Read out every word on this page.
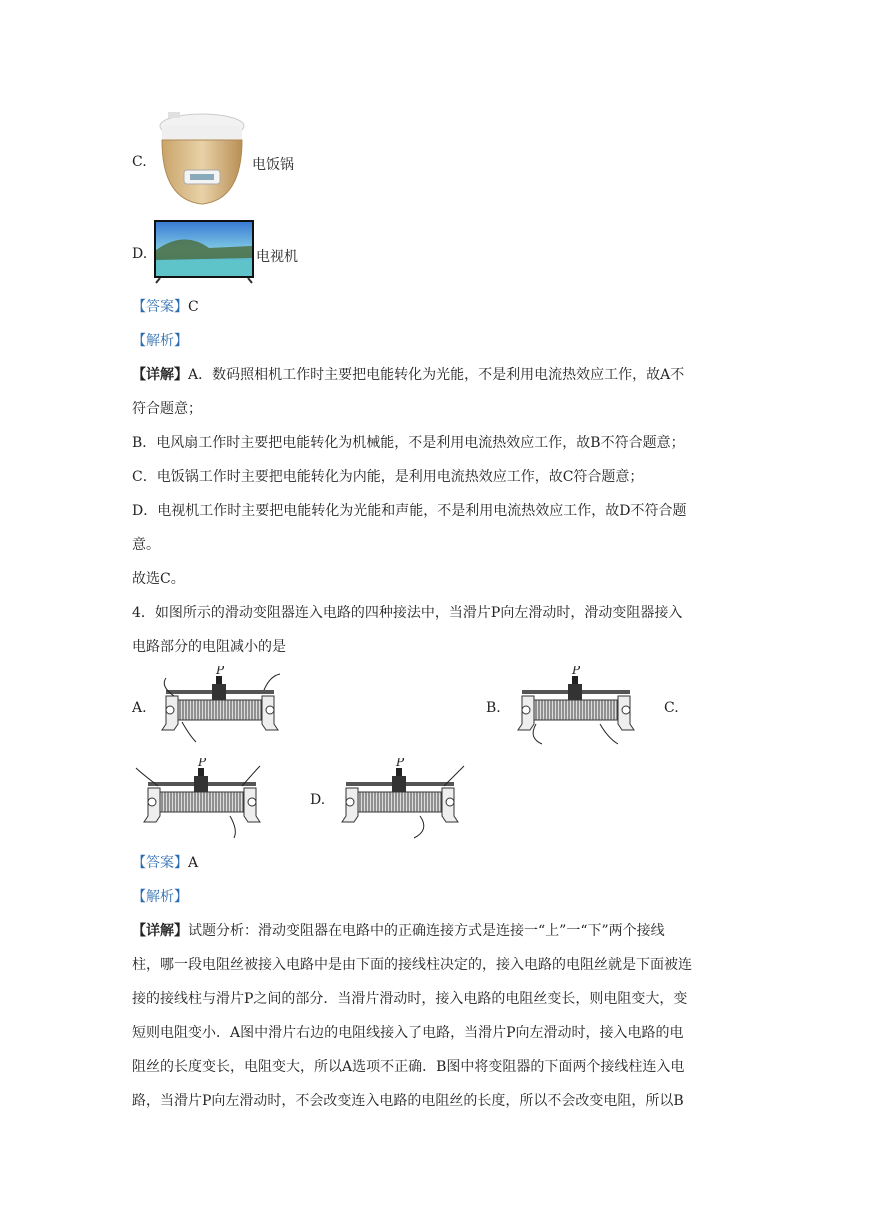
C.	电饭锅
D.	电视机
【答案】C
【解析】
【详解】A．数码照相机工作时主要把电能转化为光能，不是利用电流热效应工作，故A不
符合题意；
B．电风扇工作时主要把电能转化为机械能，不是利用电流热效应工作，故B不符合题意；
C．电饭锅工作时主要把电能转化为内能，是利用电流热效应工作，故C符合题意；
D．电视机工作时主要把电能转化为光能和声能，不是利用电流热效应工作，故D不符合题
意。
故选C。
4．如图所示的滑动变阻器连入电路的四种接法中，当滑片P向左滑动时，滑动变阻器接入
电路部分的电阻减小的是
A.
P
B.
P
C.
P
D.
P
【答案】A
【解析】
【详解】试题分析：滑动变阻器在电路中的正确连接方式是连接一“上”一“下”两个接线
柱，哪一段电阻丝被接入电路中是由下面的接线柱决定的，接入电路的电阻丝就是下面被连
接的接线柱与滑片P之间的部分．当滑片滑动时，接入电路的电阻丝变长，则电阻变大，变
短则电阻变小．A图中滑片右边的电阻线接入了电路，当滑片P向左滑动时，接入电路的电
阻丝的长度变长，电阻变大，所以A选项不正确．B图中将变阻器的下面两个接线柱连入电
路，当滑片P向左滑动时，不会改变连入电路的电阻丝的长度，所以不会改变电阻，所以B
